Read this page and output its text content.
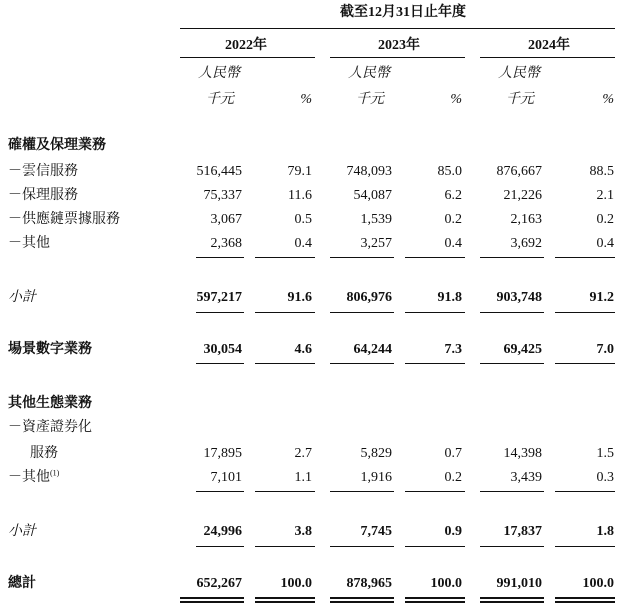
截至12月31日止年度
2022年	2023年	2024年
人民幣	人民幣	人民幣
千元	%	千元	%	千元	%
確權及保理業務
－雲信服務	516,445	79.1	748,093	85.0	876,667	88.5
－保理服務	75,337	11.6	54,087	6.2	21,226	2.1
－供應鏈票據服務	3,067	0.5	1,539	0.2	2,163	0.2
－其他	2,368	0.4	3,257	0.4	3,692	0.4
小計	597,217	91.6	806,976	91.8	903,748	91.2
場景數字業務	30,054	4.6	64,244	7.3	69,425	7.0
其他生態業務
－資產證券化
服務	17,895	2.7	5,829	0.7	14,398	1.5
－其他$^{(1)}$	7,101	1.1	1,916	0.2	3,439	0.3
小計	24,996	3.8	7,745	0.9	17,837	1.8
總計	652,267	100.0	878,965	100.0	991,010	100.0
